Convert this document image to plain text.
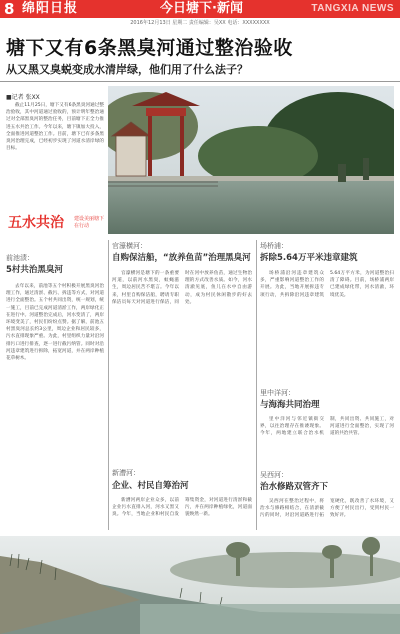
8 绵阳日报	今日塘下·新闻	TANGXIA NEWS
2016年12月13日 星期二 责任编辑：吴XX 电话：XXXXXXXX
塘下又有6条黑臭河通过整治验收
从又黑又臭蜕变成水清岸绿，他们用了什么法子？
■记者 张XX

截止11月25日，塘下又有6条黑臭河通过整治验收，其中河道通过验收的，预计明年整治通过对全部黑臭河的整治任务，目前塘下正全力推进五水共治工作。今年以来，塘下镇加大投入，全面推进河道整治工作。目前，塘下已有多条黑臭河治理完成，已经初步实现了河道水清岸绿的目标。

五水共治 建设美丽塘下在行动
前池渍：
5村共治黑臭河

去年以来，前池等五个村积极开展黑臭河治理工作，通过清淤、截污、拆违等方式，对河道进行全面整治。五个村共同出资，统一规划，统一施工，目前已完成河道清淤工作，两岸绿化正在进行中。河道整治完成后，河水变清了，两岸环境变美了，村民们纷纷点赞。据了解，前池五村黑臭河总长约3公里，周边企业和居民较多，污水直排现象严重。为此，村里组织力量对沿河排污口进行排查，逐一进行截污纳管。同时对沿河违章建筑进行拆除，拓宽河道，并在两岸种植花草树木。

官濠横河：
自购保洁船，“放养鱼苗”治理黑臭河

官濠横河是塘下的一条重要河道，以前河水黑臭，蚊蝇滋生，周边居民苦不堪言。今年以来，村里自购保洁船，聘请专职保洁员每天对河道进行保洁，同时在河中放养鱼苗，通过生物治理的方式改善水质。如今，河水清澈见底，鱼儿在水中自由游动，成为村民休闲散步的好去处。

新漕河：
企业、村民自筹治河

新漕河两岸企业众多，以前企业污水直排入河，河水又黑又臭。今年，当地企业和村民自发筹集资金，对河道进行清淤和截污，并在两岸种植绿化，河道面貌焕然一新。

场桥浦：
拆除5.64万平米违章建筑

场桥浦沿河违章建筑众多，严重影响河道整治工作的开展。为此，当地开展拆违专项行动，共拆除沿河违章建筑5.64万平方米，为河道整治扫清了障碍。目前，场桥浦两岸已建成绿化带，河水清澈，环境优美。

里中洋河：
与海海共同治理

里中洋河与邻近镇街交界，以往治理存在推诿现象。今年，两地建立联合治水机制，共同出资、共同施工，对河道进行全面整治，实现了河道的共治共管。

吴西河：
治水修路双管齐下

吴西河在整治过程中，将治水与修路相结合，在清淤截污的同时，对沿河道路进行拓宽硬化，既改善了水环境，又方便了村民出行，受到村民一致好评。
